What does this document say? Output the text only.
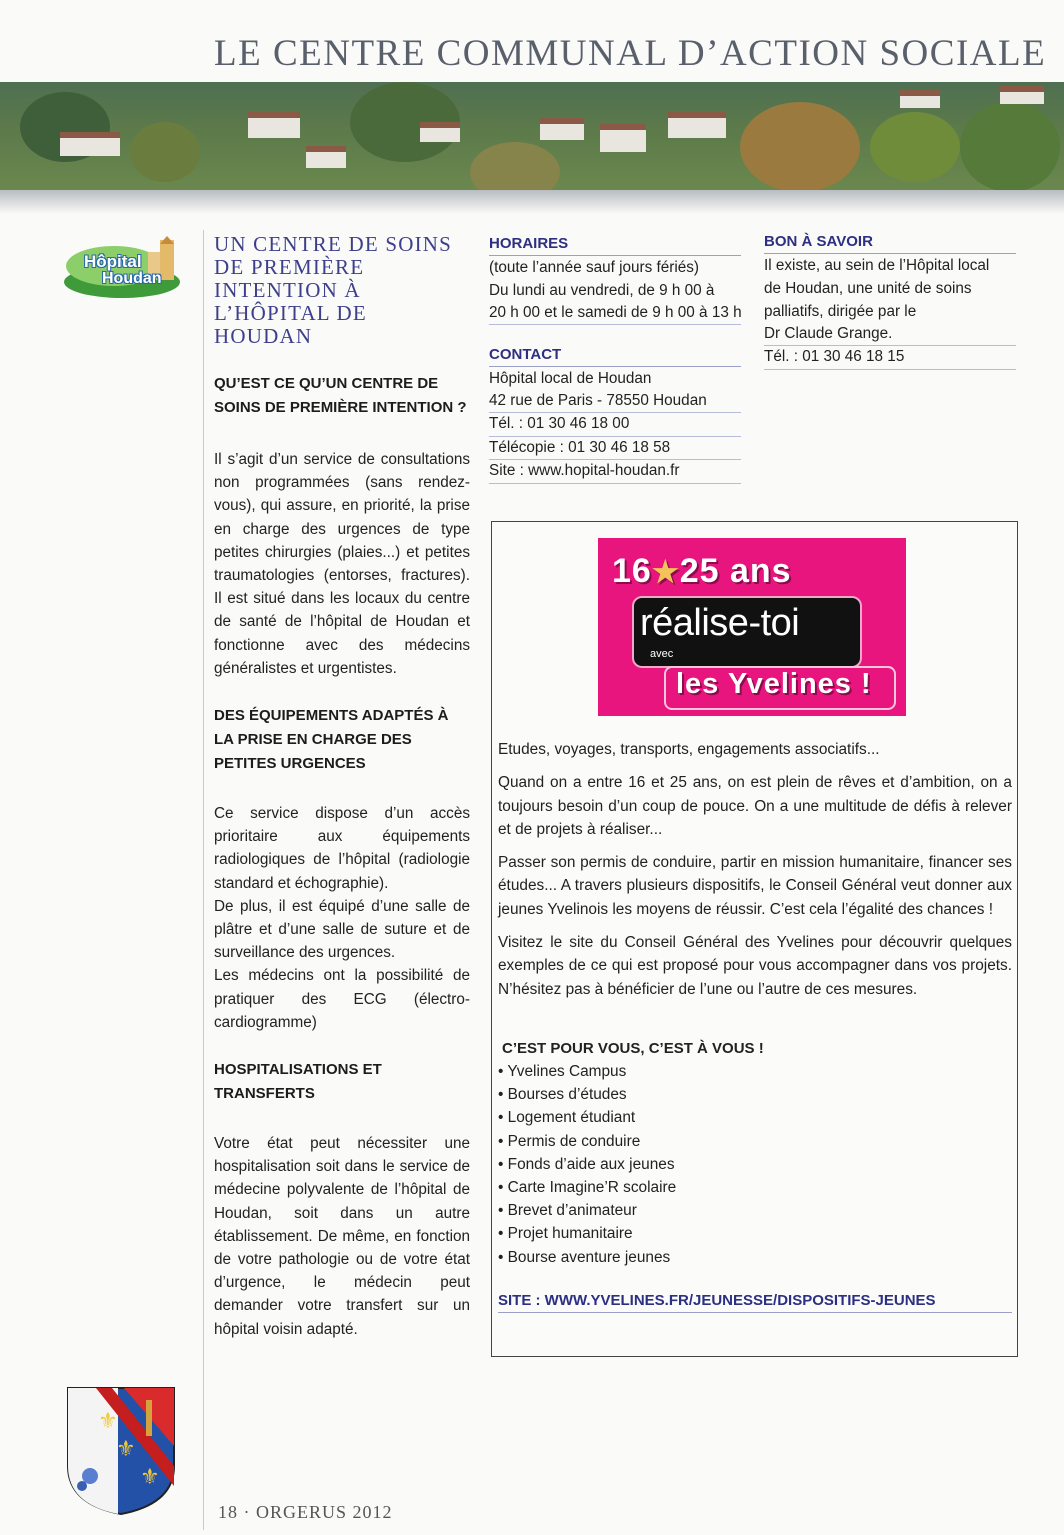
LE CENTRE COMMUNAL D’ACTION SOCIALE
Hôpital
Houdan
UN CENTRE DE SOINS DE PREMIÈRE INTENTION À L’HÔPITAL DE HOUDAN
QU’EST CE QU’UN CENTRE DE SOINS DE PREMIÈRE INTENTION ?

Il s’agit d’un service de consultations non programmées (sans rendez-vous), qui assure, en priorité, la prise en charge des urgences de type petites chirurgies (plaies...) et petites traumatologies (entorses, fractures). Il est situé dans les locaux du centre de santé de l’hôpital de Houdan et fonctionne avec des médecins généralistes et urgentistes.

DES ÉQUIPEMENTS ADAPTÉS À LA PRISE EN CHARGE DES PETITES URGENCES

Ce service dispose d’un accès prioritaire aux équipements radiologiques de l’hôpital (radiologie standard et échographie).

De plus, il est équipé d’une salle de plâtre et d’une salle de suture et de surveillance des urgences.

Les médecins ont la possibilité de pratiquer des ECG (électro- cardiogramme)

HOSPITALISATIONS ET TRANSFERTS

Votre état peut nécessiter une hospitalisation soit dans le service de médecine polyvalente de l’hôpital de Houdan, soit dans un autre établissement. De même, en fonction de votre pathologie ou de votre état d’urgence, le médecin peut demander votre transfert sur un hôpital voisin adapté.

HORAIRES
(toute l’année sauf jours fériés)
Du lundi au vendredi, de 9 h 00 à
20 h 00 et le samedi de 9 h 00 à 13 h
CONTACT
Hôpital local de Houdan
42 rue de Paris - 78550 Houdan
Tél. : 01 30 46 18 00
Télécopie : 01 30 46 18 58
Site : www.hopital-houdan.fr
BON À SAVOIR
Il existe, au sein de l’Hôpital local
de Houdan, une unité de soins
palliatifs, dirigée par le
Dr Claude Grange.
Tél. : 01 30 46 18 15
16★25 ans
réalise-toi
avec
les Yvelines !

Etudes, voyages, transports, engagements associatifs...

Quand on a entre 16 et 25 ans, on est plein de rêves et d’ambition, on a toujours besoin d’un coup de pouce. On a une multitude de défis à relever et de projets à réaliser...

Passer son permis de conduire, partir en mission humanitaire, financer ses études... A travers plusieurs dispositifs, le Conseil Général veut donner aux jeunes Yvelinois les moyens de réussir. C’est cela l’égalité des chances !

Visitez le site du Conseil Général des Yvelines pour découvrir quelques exemples de ce qui est proposé pour vous accompagner dans vos projets. N’hésitez pas à bénéficier de l’une ou l’autre de ces mesures.

C’EST POUR VOUS, C’EST À VOUS !
• Yvelines Campus
• Bourses d’études
• Logement étudiant
• Permis de conduire
• Fonds d’aide aux jeunes
• Carte Imagine’R scolaire
• Brevet d’animateur
• Projet humanitaire
• Bourse aventure jeunes
SITE : WWW.YVELINES.FR/JEUNESSE/DISPOSITIFS-JEUNES
⚜
⚜
⚜
18 · ORGERUS 2012
